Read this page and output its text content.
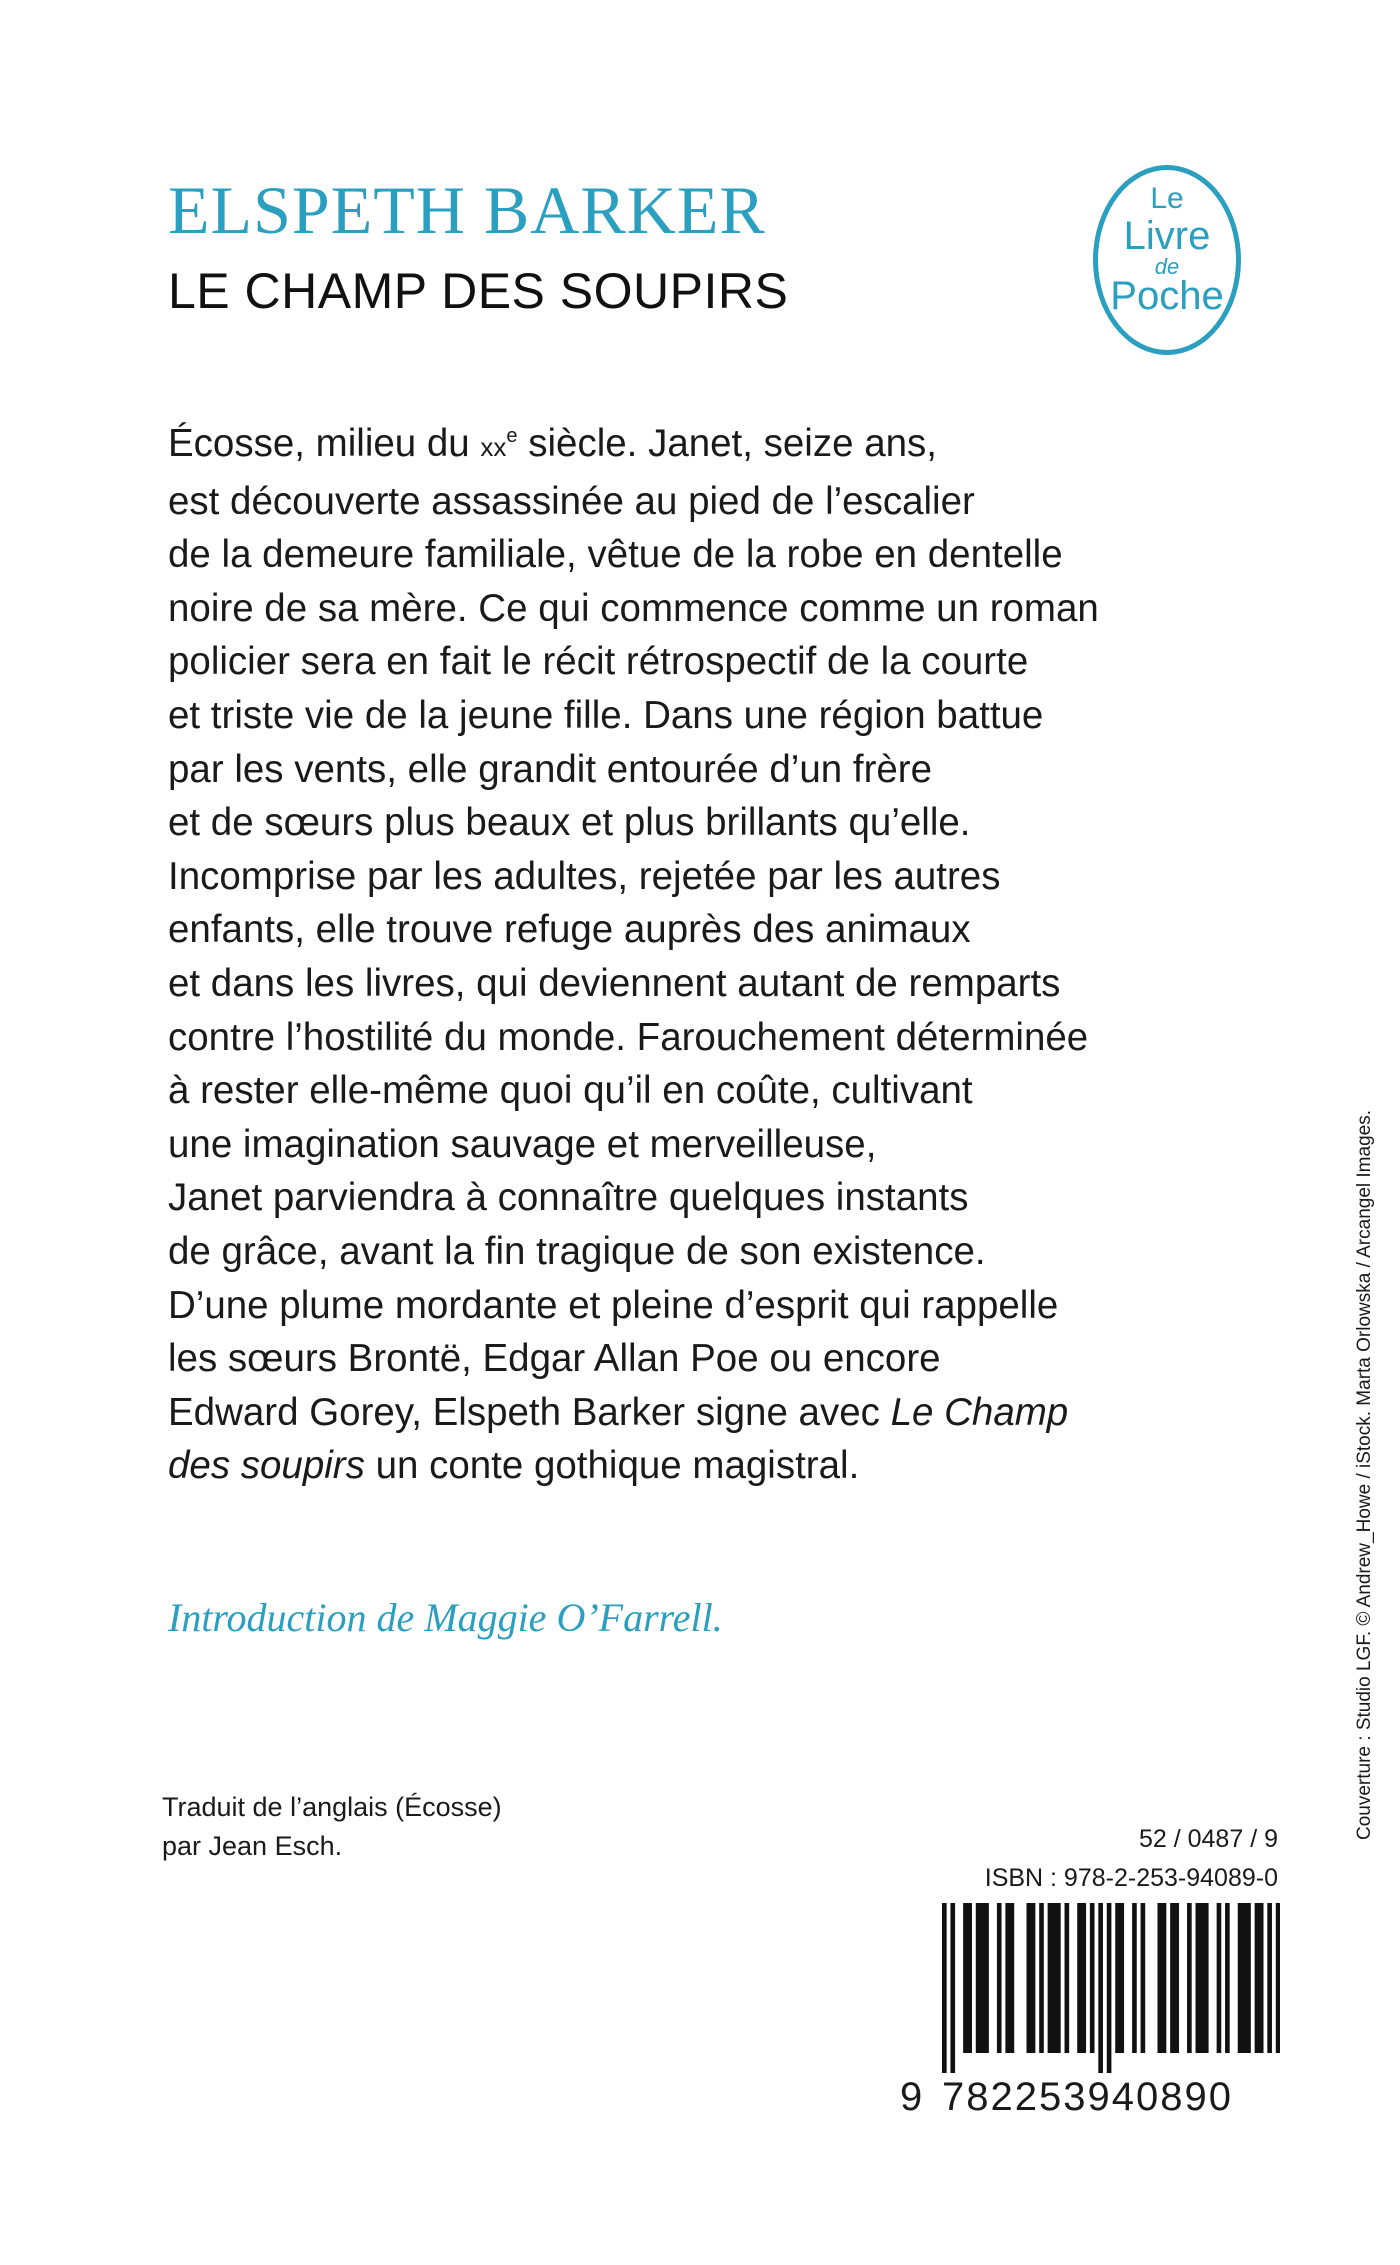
ELSPETH BARKER
LE CHAMP DES SOUPIRS
Le
Livre
de
Poche
Écosse, milieu du $xx^e$ siècle. Janet, seize ans,
est découverte assassinée au pied de l’escalier
de la demeure familiale, vêtue de la robe en dentelle
noire de sa mère. Ce qui commence comme un roman
policier sera en fait le récit rétrospectif de la courte
et triste vie de la jeune fille. Dans une région battue
par les vents, elle grandit entourée d’un frère
et de sœurs plus beaux et plus brillants qu’elle.
Incomprise par les adultes, rejetée par les autres
enfants, elle trouve refuge auprès des animaux
et dans les livres, qui deviennent autant de remparts
contre l’hostilité du monde. Farouchement déterminée
à rester elle-même quoi qu’il en coûte, cultivant
une imagination sauvage et merveilleuse,
Janet parviendra à connaître quelques instants
de grâce, avant la fin tragique de son existence.
D’une plume mordante et pleine d’esprit qui rappelle
les sœurs Brontë, Edgar Allan Poe ou encore
Edward Gorey, Elspeth Barker signe avec Le Champ
des soupirs un conte gothique magistral.

Introduction de Maggie O’Farrell.

Traduit de l’anglais (Écosse)
par Jean Esch.	52 / 0487 / 9
ISBN : 978-2-253-94089-0
9 782253940890
Couverture : Studio LGF. © Andrew_Howe / iStock. Marta Orlowska / Arcangel Images.
